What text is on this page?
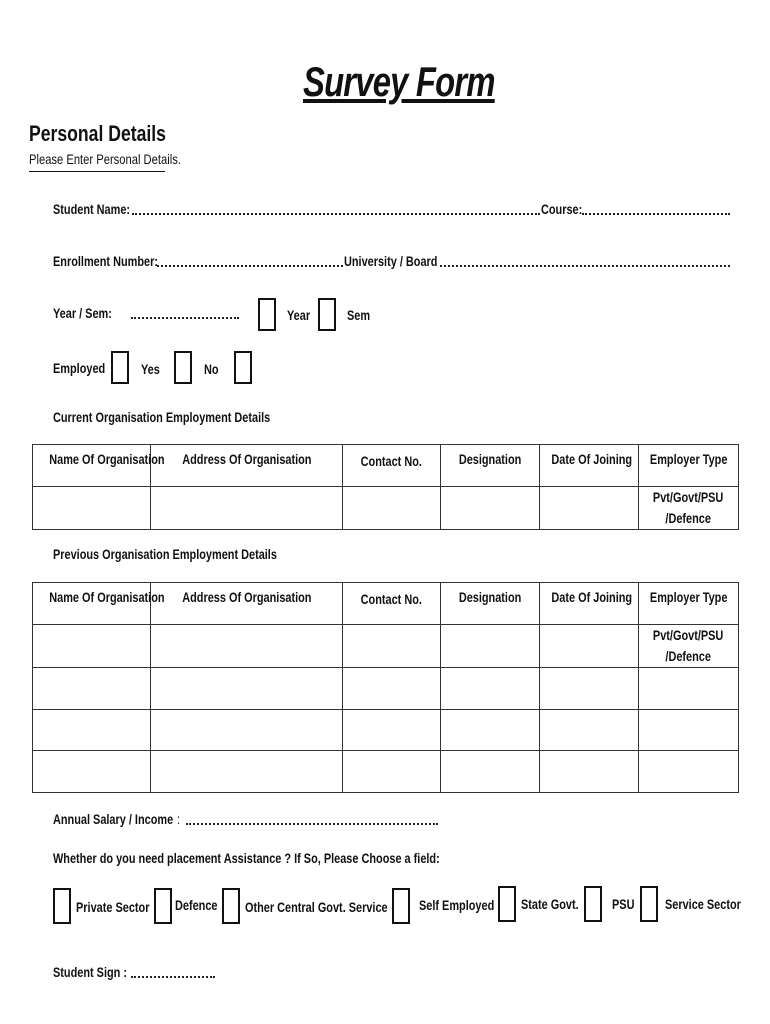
Survey Form
Personal Details
Please Enter Personal Details.
Student Name:	Course:
Enrollment Number:	University / Board
Year / Sem:	Year	Sem
Employed	Yes	No
Current Organisation Employment Details
Name Of Organisation	Address Of Organisation	Contact No.	Designation	Date Of Joining	Employer Type
					Pvt/Govt/PSU
/Defence
Previous Organisation Employment Details
Name Of Organisation	Address Of Organisation	Contact No.	Designation	Date Of Joining	Employer Type
					Pvt/Govt/PSU
/Defence

Annual Salary / Income :
Whether do you need placement Assistance ? If So, Please Choose a field:
Private Sector Defence Other Central Govt. Service Self Employed State Govt. PSU Service Sector
Student Sign :
